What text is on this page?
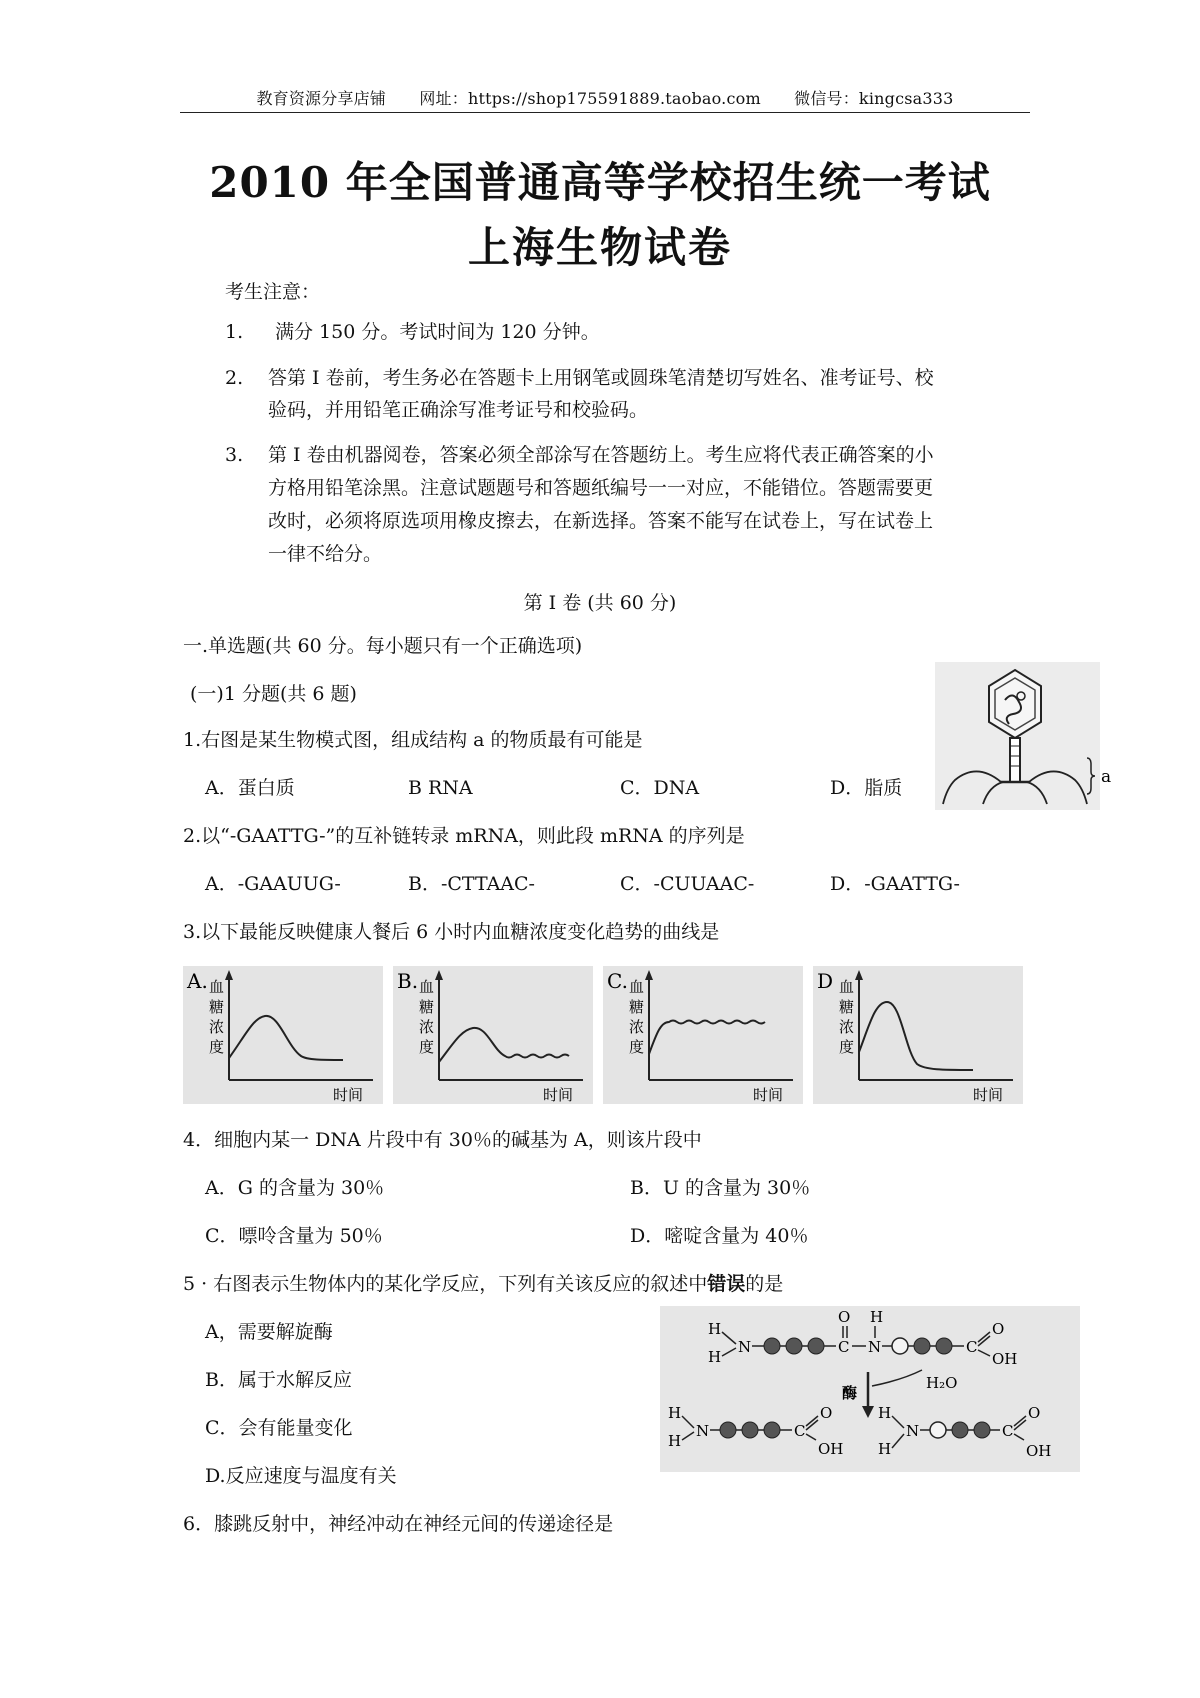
教育资源分享店铺 网址：https://shop175591889.taobao.com 微信号：kingcsa333
2010 年全国普通高等学校招生统一考试
上海生物试卷
考生注意：
1. 满分 150 分。考试时间为 120 分钟。
2. 答第 Ⅰ 卷前，考生务必在答题卡上用钢笔或圆珠笔清楚切写姓名、准考证号、校
验码，并用铅笔正确涂写准考证号和校验码。
3. 第 Ⅰ 卷由机器阅卷，答案必须全部涂写在答题纺上。考生应将代表正确答案的小
方格用铅笔涂黑。注意试题题号和答题纸编号一一对应，不能错位。答题需要更
改时，必须将原选项用橡皮擦去，在新选择。答案不能写在试卷上，写在试卷上
一律不给分。
第 Ⅰ 卷 (共 60 分)
一.单选题(共 60 分。每小题只有一个正确选项)
(一)1 分题(共 6 题)
1.右图是某生物模式图，组成结构 a 的物质最有可能是
A．蛋白质	B RNA	C．DNA	D．脂质	a
2.以“-GAATTG-”的互补链转录 mRNA，则此段 mRNA 的序列是
A．-GAAUUG-	B．-CTTAAC-	C．-CUUAAC-	D．-GAATTG-
3.以下最能反映健康人餐后 6 小时内血糖浓度变化趋势的曲线是
A. 血
糖
浓
度
时间
B. 血
糖
浓
度
时间
C. 血
糖
浓
度
时间
D 血
糖
浓
度
时间
4．细胞内某一 DNA 片段中有 30％的碱基为 A，则该片段中
A．G 的含量为 30％	B．U 的含量为 30％
C．嘌呤含量为 50％	D．嘧啶含量为 40％
5 · 右图表示生物体内的某化学反应，下列有关该反应的叙述中错误的是
A，需要解旋酶
B．属于水解反应
C．会有能量变化
D.反应速度与温度有关
H
H
N	C
O
N
H
C
O
OH
酶
H₂O
H
H
N	C
O
OH
H
H
N	C
O
OH
6．膝跳反射中，神经冲动在神经元间的传递途径是
